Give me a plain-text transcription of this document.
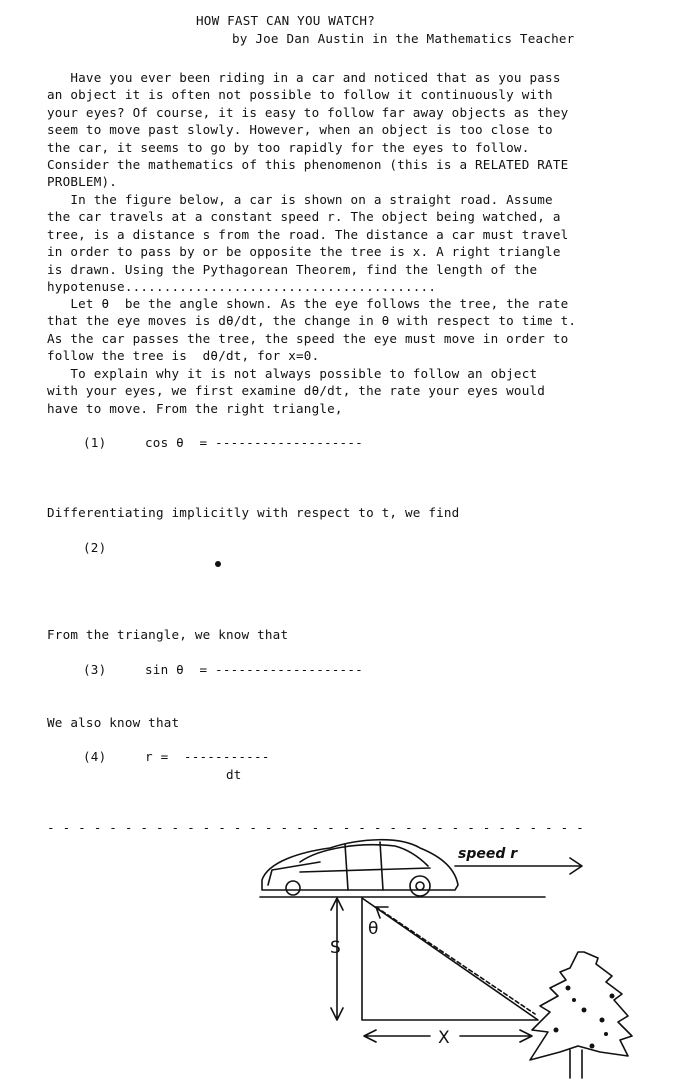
HOW FAST CAN YOU WATCH?
by Joe Dan Austin in the Mathematics Teacher
Have you ever been riding in a car and noticed that as you pass
an object it is often not possible to follow it continuously with
your eyes? Of course, it is easy to follow far away objects as they
seem to move past slowly. However, when an object is too close to
the car, it seems to go by too rapidly for the eyes to follow.
Consider the mathematics of this phenomenon (this is a RELATED RATE
PROBLEM).
In the figure below, a car is shown on a straight road. Assume
the car travels at a constant speed r. The object being watched, a
tree, is a distance s from the road. The distance a car must travel
in order to pass by or be opposite the tree is x. A right triangle
is drawn. Using the Pythagorean Theorem, find the length of the
hypotenuse........................................
Let θ  be the angle shown. As the eye follows the tree, the rate
that the eye moves is dθ/dt, the change in θ with respect to time t.
As the car passes the tree, the speed the eye must move in order to
follow the tree is  dθ/dt, for x=0.
To explain why it is not always possible to follow an object
with your eyes, we first examine dθ/dt, the rate your eyes would
have to move. From the right triangle,
(1)	cos θ  = -------------------
Differentiating implicitly with respect to t, we find
(2)
From the triangle, we know that
(3)	sin θ  = -------------------
We also know that
(4)	r =  -----------
dt
- - - - - - - - - - - - - - - - - - - - - - - - - - - - - - - - - - -
speed r
θ
S
X
